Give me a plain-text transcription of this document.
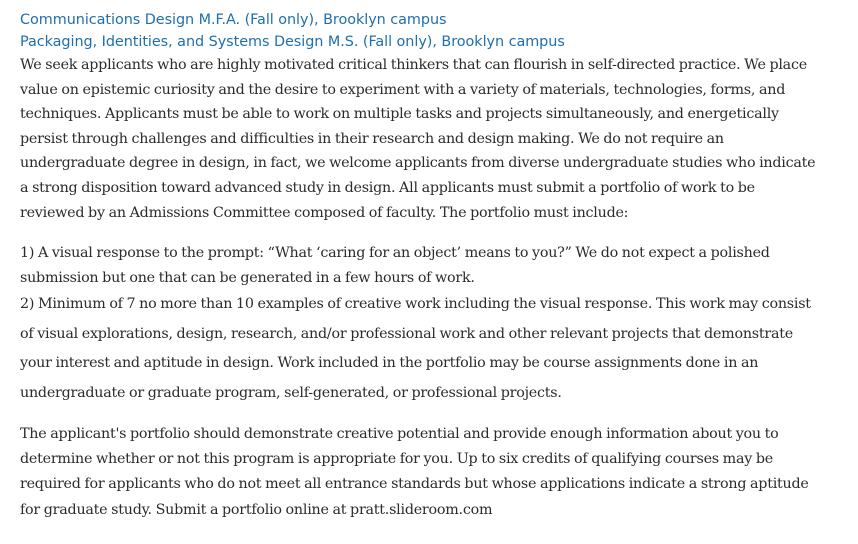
Communications Design M.F.A. (Fall only), Brooklyn campus
Packaging, Identities, and Systems Design M.S. (Fall only), Brooklyn campus

We seek applicants who are highly motivated critical thinkers that can flourish in self-directed practice. We place
value on epistemic curiosity and the desire to experiment with a variety of materials, technologies, forms, and
techniques. Applicants must be able to work on multiple tasks and projects simultaneously, and energetically
persist through challenges and difficulties in their research and design making. We do not require an
undergraduate degree in design, in fact, we welcome applicants from diverse undergraduate studies who indicate
a strong disposition toward advanced study in design. All applicants must submit a portfolio of work to be
reviewed by an Admissions Committee composed of faculty. The portfolio must include:

1) A visual response to the prompt: “What ‘caring for an object’ means to you?” We do not expect a polished
submission but one that can be generated in a few hours of work.

2) Minimum of 7 no more than 10 examples of creative work including the visual response. This work may consist
of visual explorations, design, research, and/or professional work and other relevant projects that demonstrate
your interest and aptitude in design. Work included in the portfolio may be course assignments done in an
undergraduate or graduate program, self-generated, or professional projects.

The applicant's portfolio should demonstrate creative potential and provide enough information about you to
determine whether or not this program is appropriate for you. Up to six credits of qualifying courses may be
required for applicants who do not meet all entrance standards but whose applications indicate a strong aptitude
for graduate study. Submit a portfolio online at pratt.slideroom.com
